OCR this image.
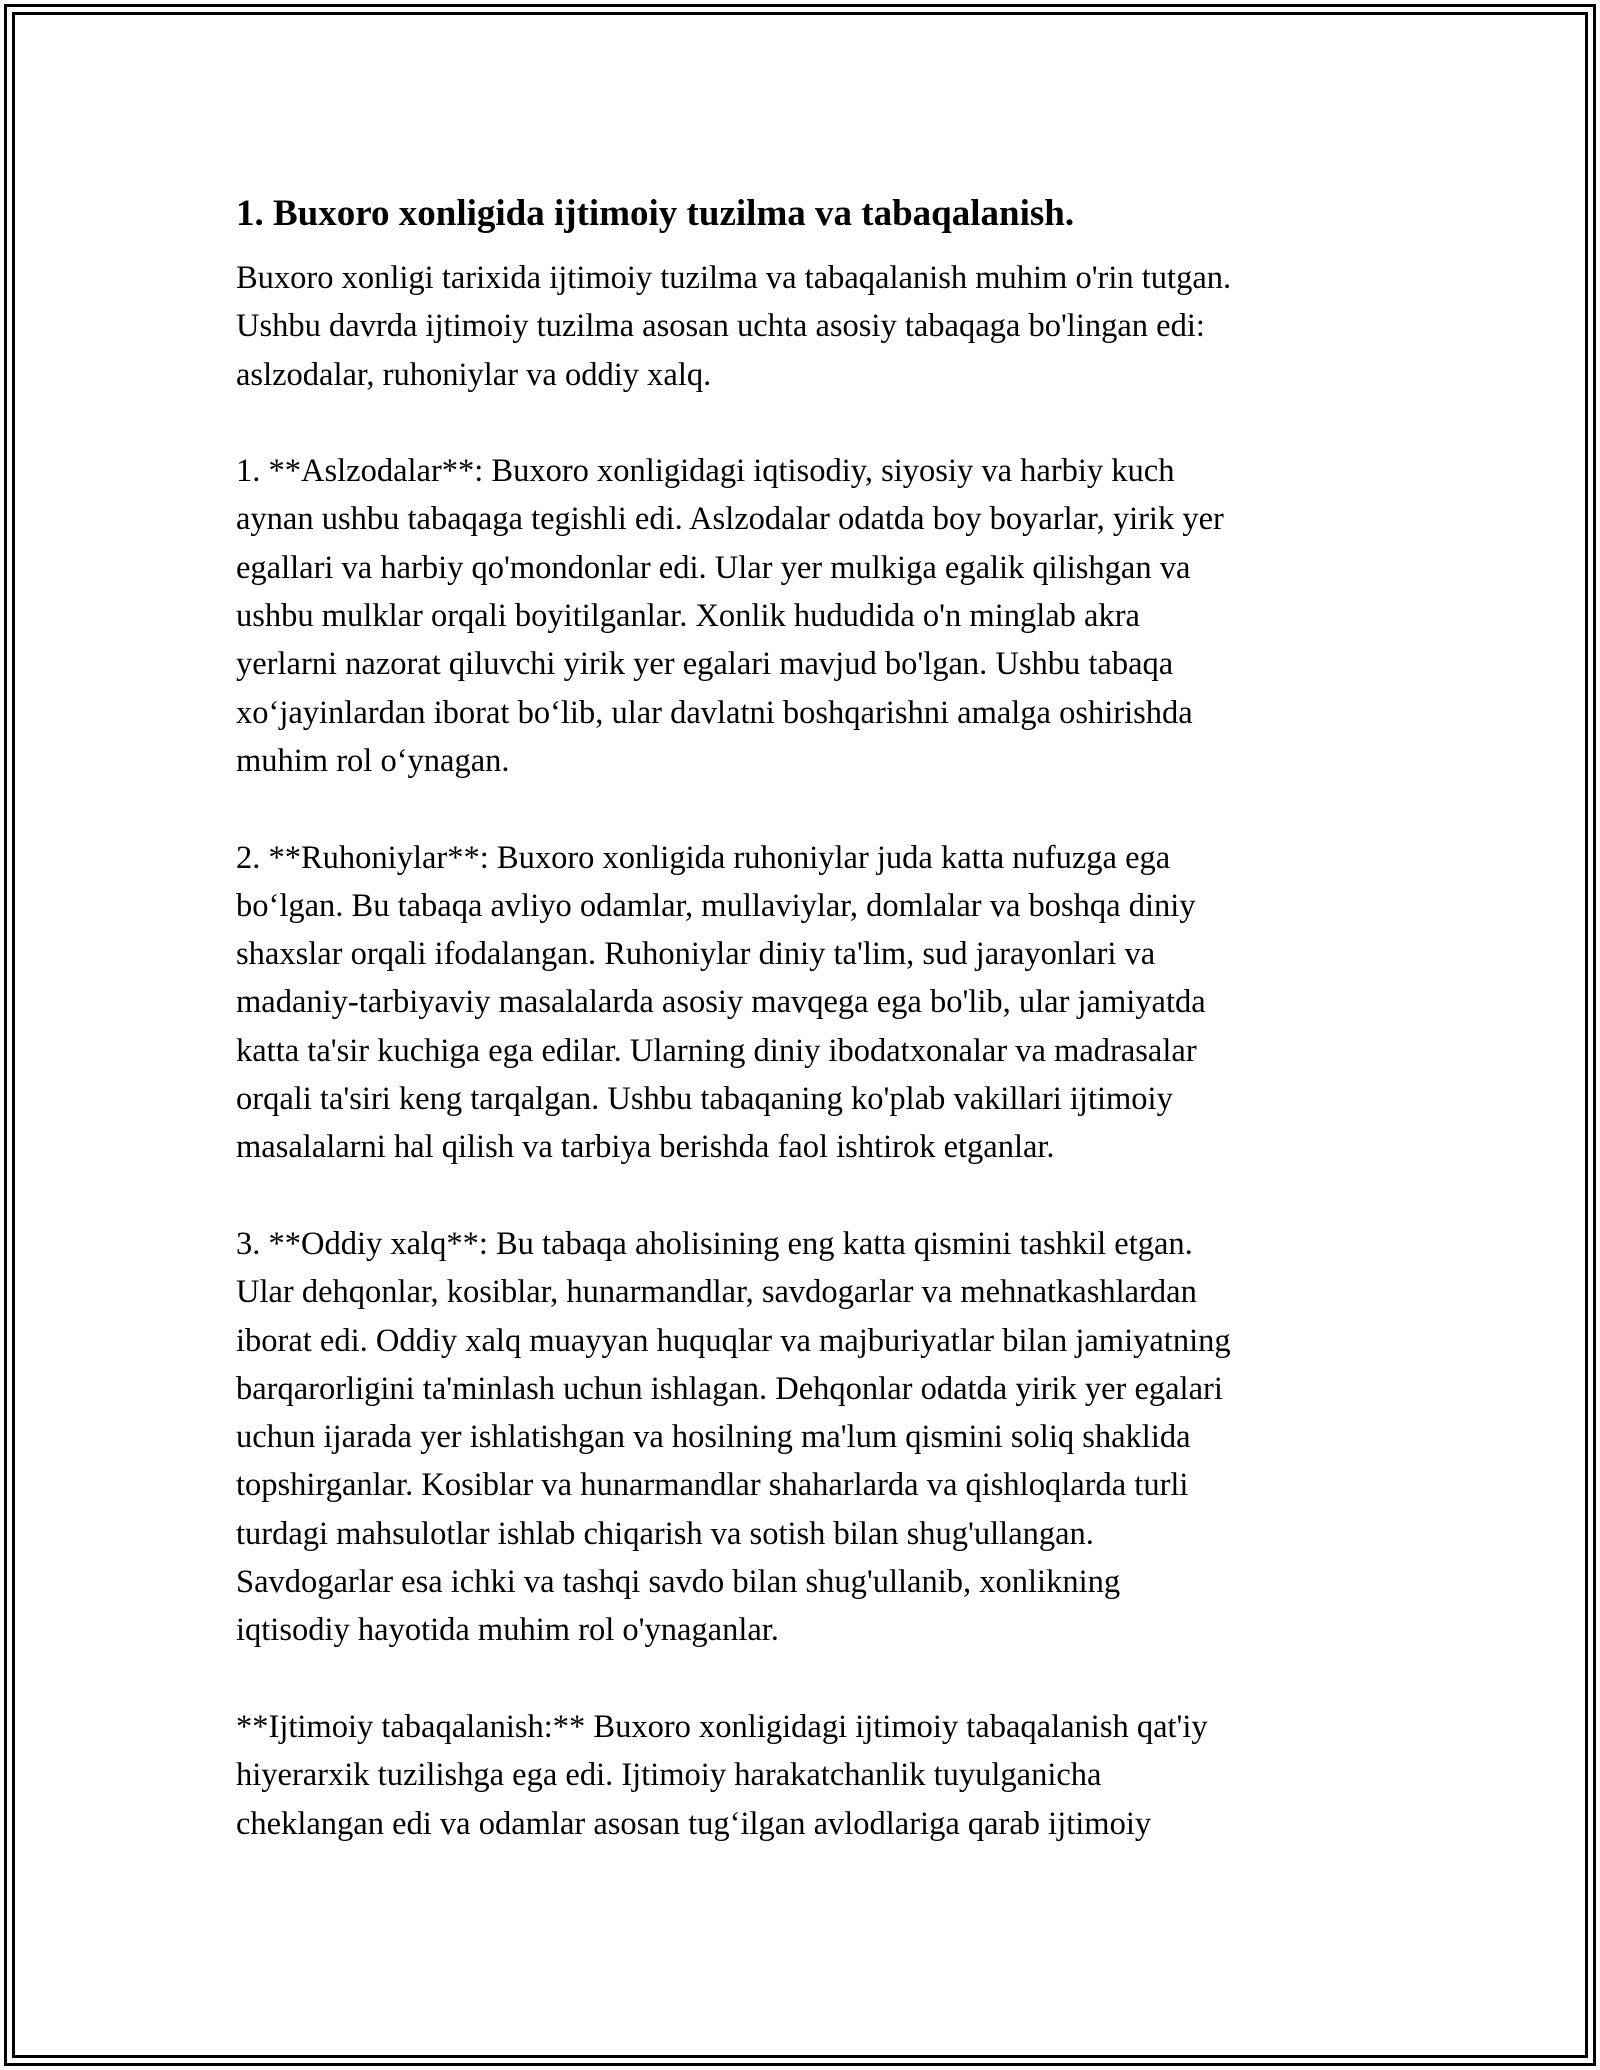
1. Buxoro xonligida ijtimoiy tuzilma va tabaqalanish.

Buxoro xonligi tarixida ijtimoiy tuzilma va tabaqalanish muhim o'rin tutgan.

Ushbu davrda ijtimoiy tuzilma asosan uchta asosiy tabaqaga bo'lingan edi:

aslzodalar, ruhoniylar va oddiy xalq.

1. **Aslzodalar**: Buxoro xonligidagi iqtisodiy, siyosiy va harbiy kuch

aynan ushbu tabaqaga tegishli edi. Aslzodalar odatda boy boyarlar, yirik yer

egallari va harbiy qo'mondonlar edi. Ular yer mulkiga egalik qilishgan va

ushbu mulklar orqali boyitilganlar. Xonlik hududida o'n minglab akra

yerlarni nazorat qiluvchi yirik yer egalari mavjud bo'lgan. Ushbu tabaqa

xo‘jayinlardan iborat bo‘lib, ular davlatni boshqarishni amalga oshirishda

muhim rol o‘ynagan.

2. **Ruhoniylar**: Buxoro xonligida ruhoniylar juda katta nufuzga ega

bo‘lgan. Bu tabaqa avliyo odamlar, mullaviylar, domlalar va boshqa diniy

shaxslar orqali ifodalangan. Ruhoniylar diniy ta'lim, sud jarayonlari va

madaniy-tarbiyaviy masalalarda asosiy mavqega ega bo'lib, ular jamiyatda

katta ta'sir kuchiga ega edilar. Ularning diniy ibodatxonalar va madrasalar

orqali ta'siri keng tarqalgan. Ushbu tabaqaning ko'plab vakillari ijtimoiy

masalalarni hal qilish va tarbiya berishda faol ishtirok etganlar.

3. **Oddiy xalq**: Bu tabaqa aholisining eng katta qismini tashkil etgan.

Ular dehqonlar, kosiblar, hunarmandlar, savdogarlar va mehnatkashlardan

iborat edi. Oddiy xalq muayyan huquqlar va majburiyatlar bilan jamiyatning

barqarorligini ta'minlash uchun ishlagan. Dehqonlar odatda yirik yer egalari

uchun ijarada yer ishlatishgan va hosilning ma'lum qismini soliq shaklida

topshirganlar. Kosiblar va hunarmandlar shaharlarda va qishloqlarda turli

turdagi mahsulotlar ishlab chiqarish va sotish bilan shug'ullangan.

Savdogarlar esa ichki va tashqi savdo bilan shug'ullanib, xonlikning

iqtisodiy hayotida muhim rol o'ynaganlar.

**Ijtimoiy tabaqalanish:** Buxoro xonligidagi ijtimoiy tabaqalanish qat'iy

hiyerarxik tuzilishga ega edi. Ijtimoiy harakatchanlik tuyulganicha

cheklangan edi va odamlar asosan tug‘ilgan avlodlariga qarab ijtimoiy
